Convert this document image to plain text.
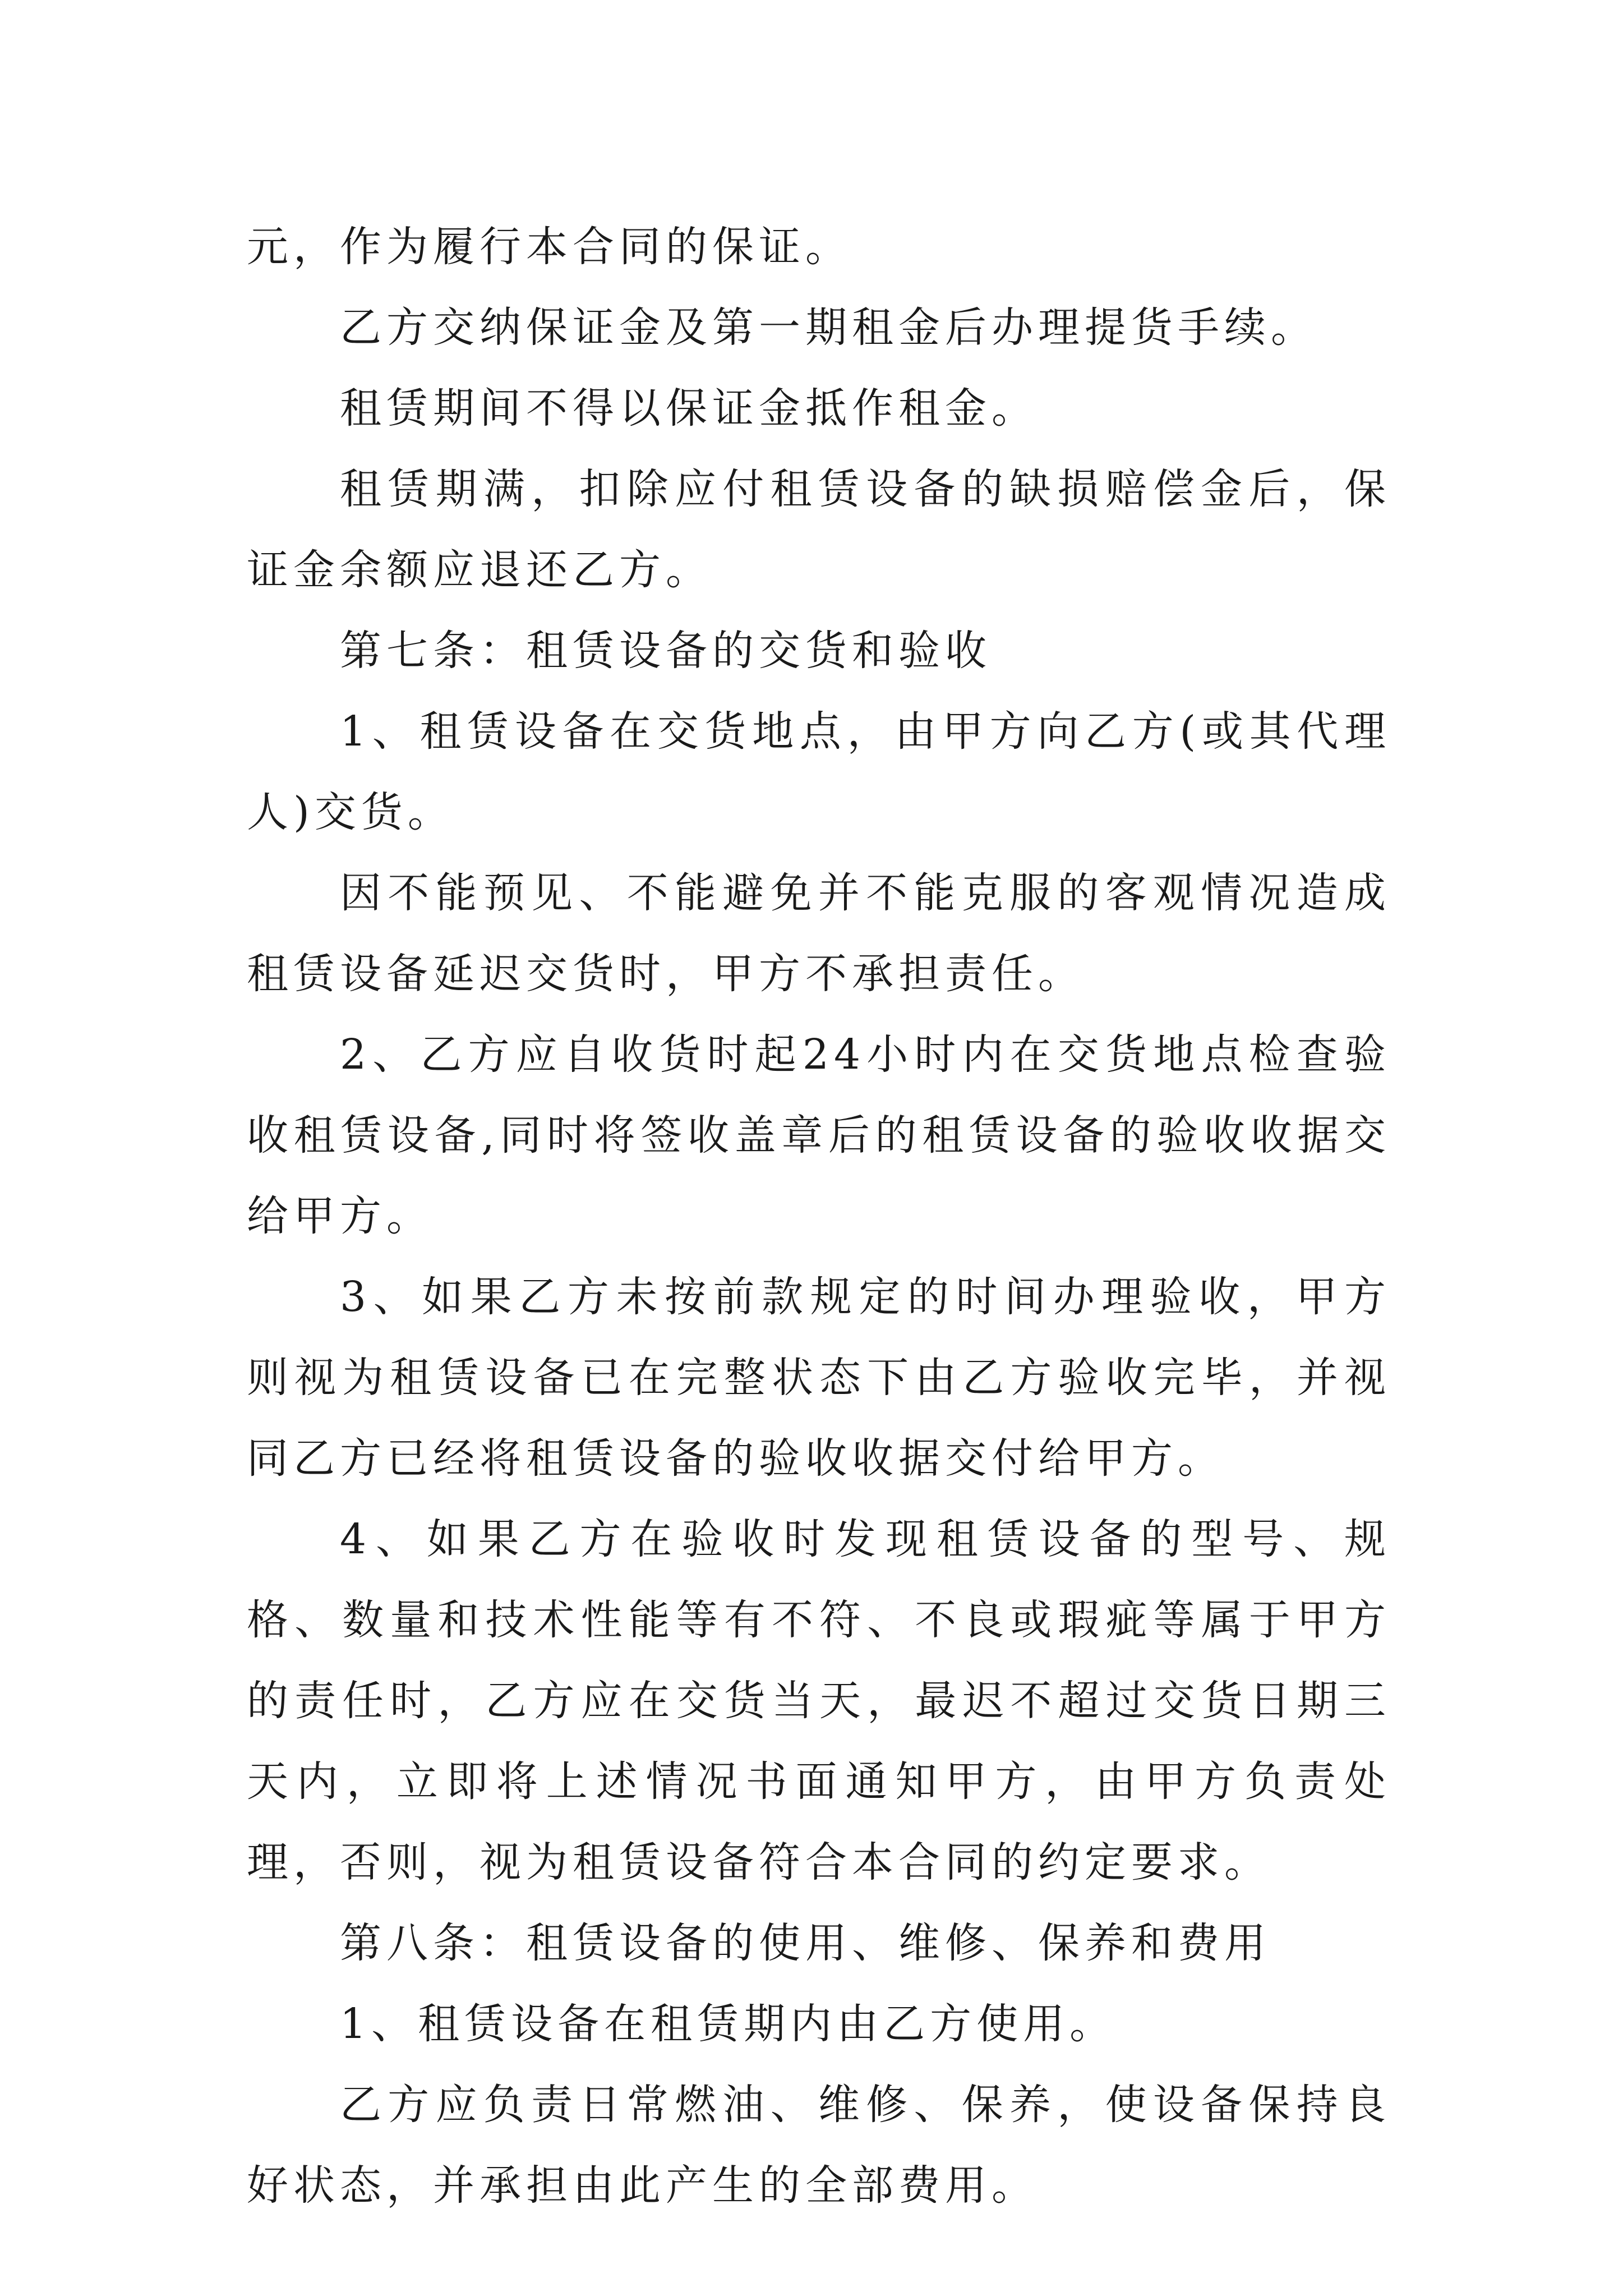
元，作为履行本合同的保证。

乙方交纳保证金及第一期租金后办理提货手续。

租赁期间不得以保证金抵作租金。

租赁期满，扣除应付租赁设备的缺损赔偿金后，保证金余额应退还乙方。

第七条：租赁设备的交货和验收

1、租赁设备在交货地点，由甲方向乙方(或其代理人)交货。

因不能预见、不能避免并不能克服的客观情况造成租赁设备延迟交货时，甲方不承担责任。

2、乙方应自收货时起24小时内在交货地点检查验收租赁设备,同时将签收盖章后的租赁设备的验收收据交给甲方。

3、如果乙方未按前款规定的时间办理验收，甲方则视为租赁设备已在完整状态下由乙方验收完毕，并视同乙方已经将租赁设备的验收收据交付给甲方。

4、如果乙方在验收时发现租赁设备的型号、规格、数量和技术性能等有不符、不良或瑕疵等属于甲方的责任时，乙方应在交货当天，最迟不超过交货日期三天内，立即将上述情况书面通知甲方，由甲方负责处理，否则，视为租赁设备符合本合同的约定要求。

第八条：租赁设备的使用、维修、保养和费用

1、租赁设备在租赁期内由乙方使用。

乙方应负责日常燃油、维修、保养，使设备保持良好状态，并承担由此产生的全部费用。
